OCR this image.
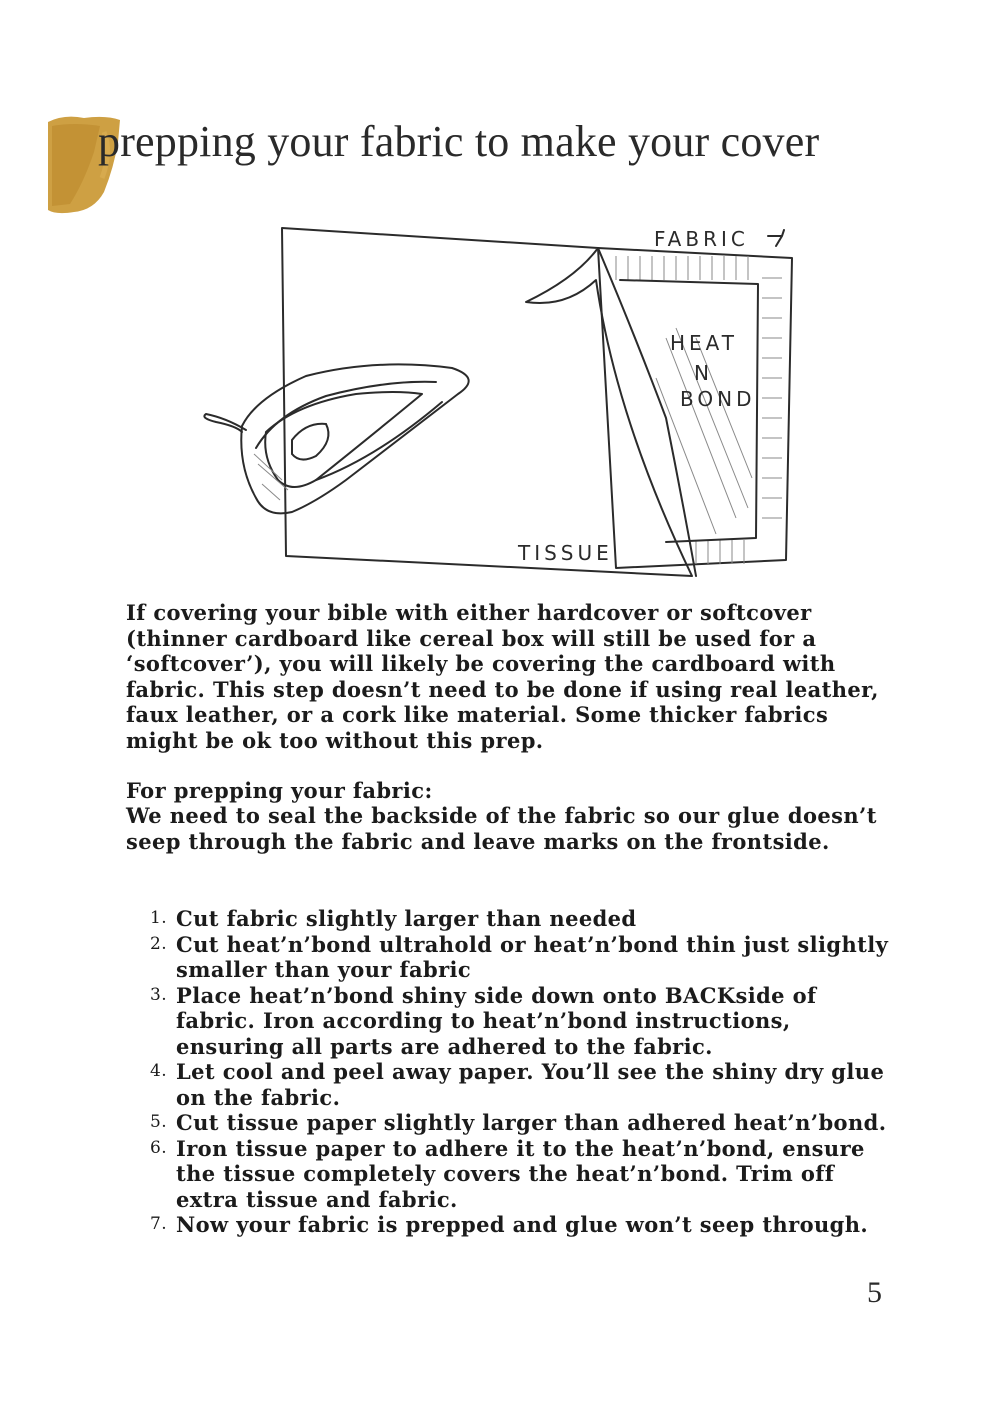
prepping your fabric to make your cover
HEAT
N
BOND
TISSUE
FABRIC

If covering your bible with either hardcover or softcover (thinner cardboard like cereal box will still be used for a ‘softcover’), you will likely be covering the cardboard with fabric. This step doesn’t need to be done if using real leather, faux leather, or a cork like material. Some thicker fabrics might be ok too without this prep.

For prepping your fabric:

We need to seal the backside of the fabric so our glue doesn’t seep through the fabric and leave marks on the frontside.

1. Cut fabric slightly larger than needed
2. Cut heat’n’bond ultrahold or heat’n’bond thin just slightly smaller than your fabric
3. Place heat’n’bond shiny side down onto BACKside of fabric. Iron according to heat’n’bond instructions, ensuring all parts are adhered to the fabric.
4. Let cool and peel away paper. You’ll see the shiny dry glue on the fabric.
5. Cut tissue paper slightly larger than adhered heat’n’bond.
6. Iron tissue paper to adhere it to the heat’n’bond, ensure the tissue completely covers the heat’n’bond. Trim off extra tissue and fabric.
7. Now your fabric is prepped and glue won’t seep through.
5
